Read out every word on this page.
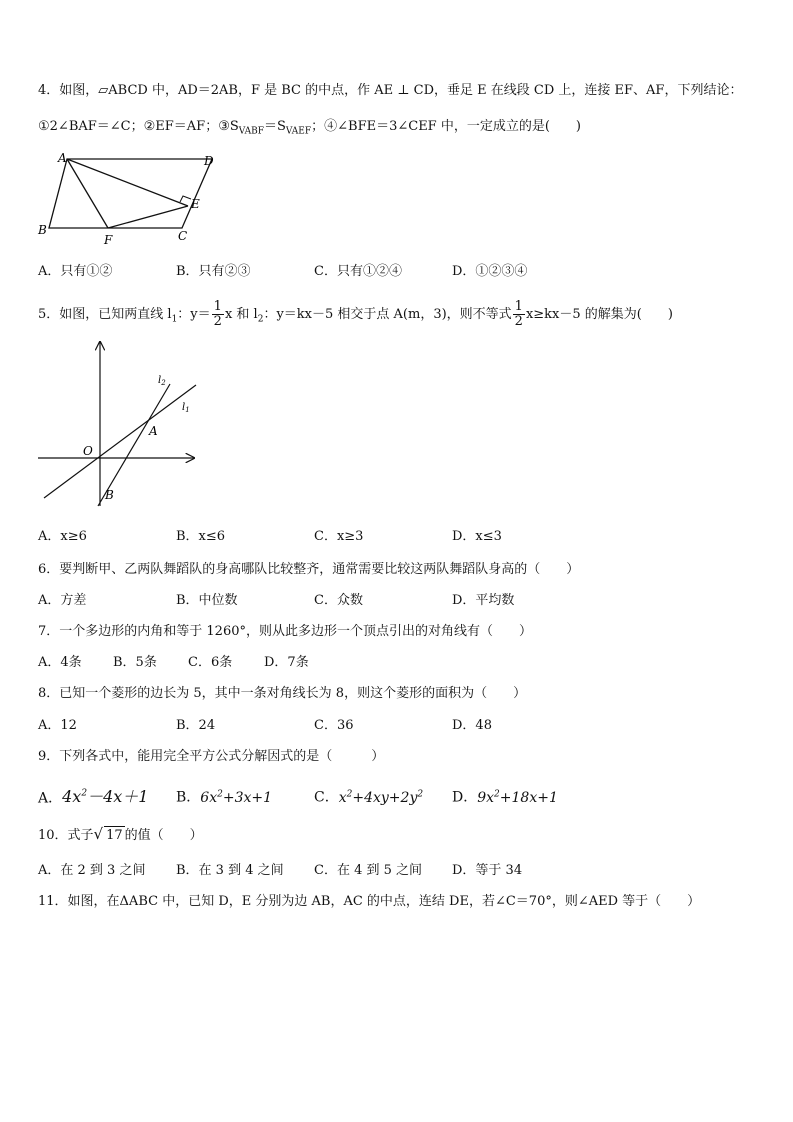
4．如图，▱ABCD 中，AD＝2AB，F 是 BC 的中点，作 AE ⊥ CD，垂足 E 在线段 CD 上，连接 EF、AF，下列结论：
①2∠BAF＝∠C；②EF＝AF；$③S_{VABF}=S_{VAEF}$；④∠BFE＝3∠CEF 中，一定成立的是(　　)
A	D
E
B
F	C
A．只有①②	B．只有②③	C．只有①②④	D．①②③④
5．如图，已知两直线 $l_1$：$y= \frac{1}{2}$ x 和 $l_2$：y＝kx－5 相交于点 A(m，3)，则不等式 $\frac{1}{2} x\ge kx-5$ 的解集为(　　)
$l_2$
$l_1$
A
O
B
A．x≥6	B．x≤6	C．x≥3	D．x≤3
6．要判断甲、乙两队舞蹈队的身高哪队比较整齐，通常需要比较这两队舞蹈队身高的（　　）
A．方差	B．中位数	C．众数	D．平均数
7．一个多边形的内角和等于 1260°，则从此多边形一个顶点引出的对角线有（　　）
A．4条 B．5条 C．6条 D．7条
8．已知一个菱形的边长为 5，其中一条对角线长为 8，则这个菱形的面积为（　　）
A．12	B．24	C．36	D．48
9．下列各式中，能用完全平方公式分解因式的是（　　　）
A．$4x^2-4x+1$ B．$6x^2+3x+1$	C．$x^2+4xy+2y^2$ D．$9x^2+18x+1$
10．式子√ 17 的值（　　）
A．在 2 到 3 之间 B．在 3 到 4 之间 C．在 4 到 5 之间 D．等于 34
11．如图，在ΔABC 中，已知 D，E 分别为边 AB，AC 的中点，连结 DE，若∠C＝70°，则∠AED 等于（　　）
